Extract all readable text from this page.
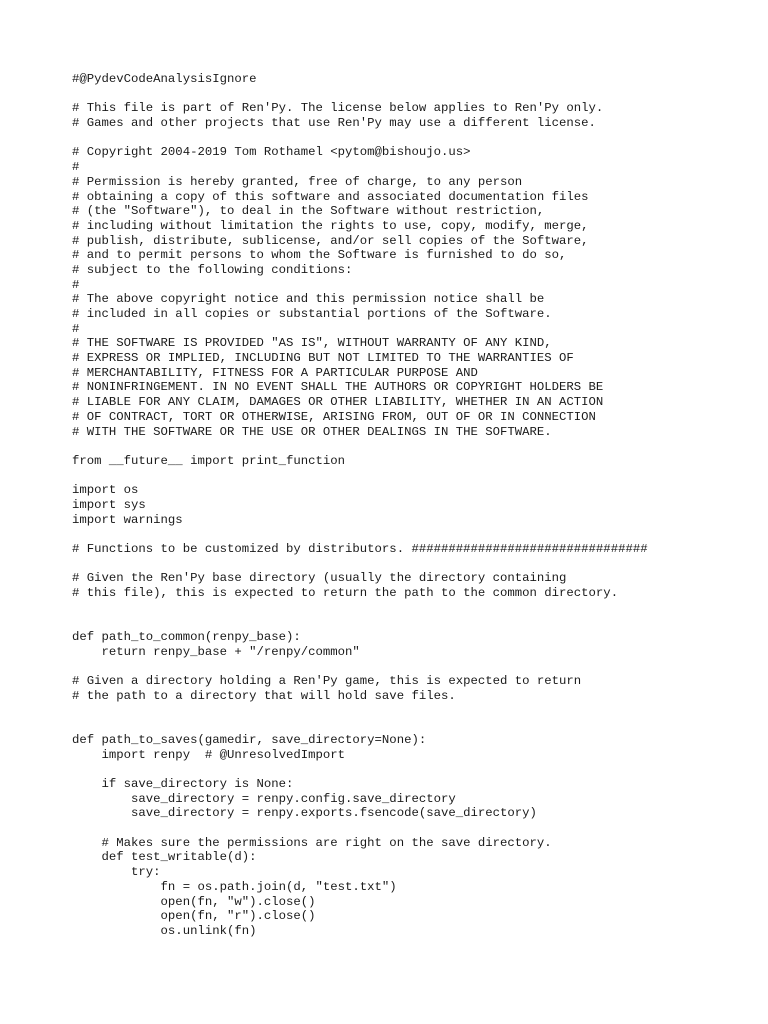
#@PydevCodeAnalysisIgnore
# This file is part of Ren'Py. The license below applies to Ren'Py only.
# Games and other projects that use Ren'Py may use a different license.
# Copyright 2004-2019 Tom Rothamel <pytom@bishoujo.us>
#
# Permission is hereby granted, free of charge, to any person
# obtaining a copy of this software and associated documentation files
# (the "Software"), to deal in the Software without restriction,
# including without limitation the rights to use, copy, modify, merge,
# publish, distribute, sublicense, and/or sell copies of the Software,
# and to permit persons to whom the Software is furnished to do so,
# subject to the following conditions:
#
# The above copyright notice and this permission notice shall be
# included in all copies or substantial portions of the Software.
#
# THE SOFTWARE IS PROVIDED "AS IS", WITHOUT WARRANTY OF ANY KIND,
# EXPRESS OR IMPLIED, INCLUDING BUT NOT LIMITED TO THE WARRANTIES OF
# MERCHANTABILITY, FITNESS FOR A PARTICULAR PURPOSE AND
# NONINFRINGEMENT. IN NO EVENT SHALL THE AUTHORS OR COPYRIGHT HOLDERS BE
# LIABLE FOR ANY CLAIM, DAMAGES OR OTHER LIABILITY, WHETHER IN AN ACTION
# OF CONTRACT, TORT OR OTHERWISE, ARISING FROM, OUT OF OR IN CONNECTION
# WITH THE SOFTWARE OR THE USE OR OTHER DEALINGS IN THE SOFTWARE.
from __future__ import print_function
import os
import sys
import warnings
# Functions to be customized by distributors. ################################
# Given the Ren'Py base directory (usually the directory containing
# this file), this is expected to return the path to the common directory.
def path_to_common(renpy_base):
return renpy_base + "/renpy/common"
# Given a directory holding a Ren'Py game, this is expected to return
# the path to a directory that will hold save files.
def path_to_saves(gamedir, save_directory=None):
import renpy  # @UnresolvedImport
if save_directory is None:
save_directory = renpy.config.save_directory
save_directory = renpy.exports.fsencode(save_directory)
# Makes sure the permissions are right on the save directory.
def test_writable(d):
try:
fn = os.path.join(d, "test.txt")
open(fn, "w").close()
open(fn, "r").close()
os.unlink(fn)
